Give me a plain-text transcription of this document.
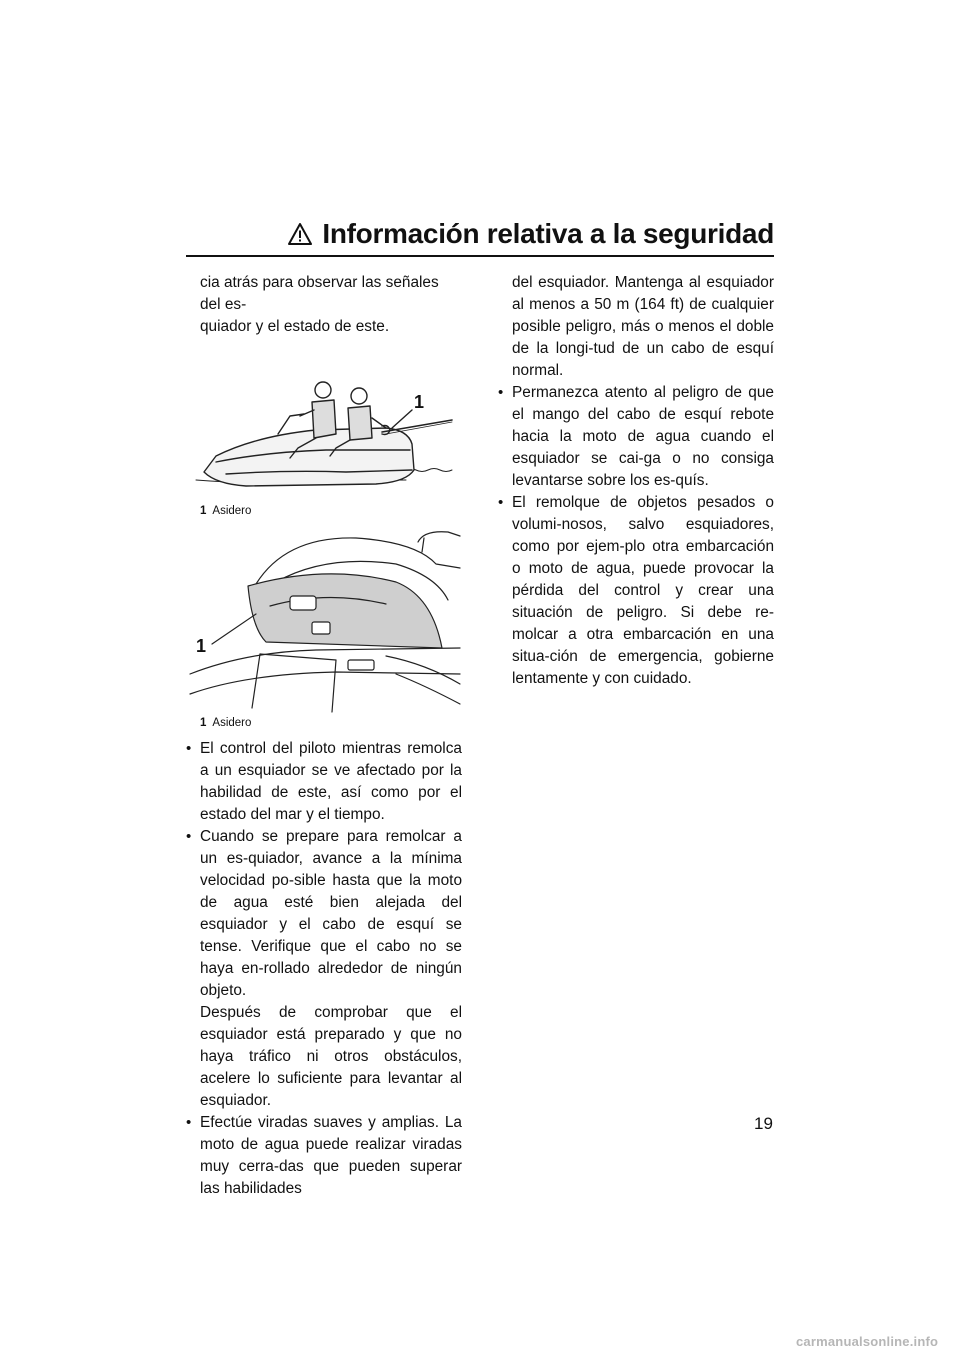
Información relativa a la seguridad

cia atrás para observar las señales del es-
quiador y el estado de este.

1
1 Asidero
1
1 Asidero

• El control del piloto mientras remolca a un esquiador se ve afectado por la habilidad de este, así como por el estado del mar y el tiempo.

• Cuando se prepare para remolcar a un es-quiador, avance a la mínima velocidad po-sible hasta que la moto de agua esté bien alejada del esquiador y el cabo de esquí se tense. Verifique que el cabo no se haya en-rollado alrededor de ningún objeto.

Después de comprobar que el esquiador está preparado y que no haya tráfico ni otros obstáculos, acelere lo suficiente para levantar al esquiador.

• Efectúe viradas suaves y amplias. La moto de agua puede realizar viradas muy cerra-das que pueden superar las habilidades

del esquiador. Mantenga al esquiador al menos a 50 m (164 ft) de cualquier posible peligro, más o menos el doble de la longi-tud de un cabo de esquí normal.

• Permanezca atento al peligro de que el mango del cabo de esquí rebote hacia la moto de agua cuando el esquiador se cai-ga o no consiga levantarse sobre los es-quís.

• El remolque de objetos pesados o volumi-nosos, salvo esquiadores, como por ejem-plo otra embarcación o moto de agua, puede provocar la pérdida del control y crear una situación de peligro. Si debe re-molcar a otra embarcación en una situa-ción de emergencia, gobierne lentamente y con cuidado.

19
carmanualsonline.info
